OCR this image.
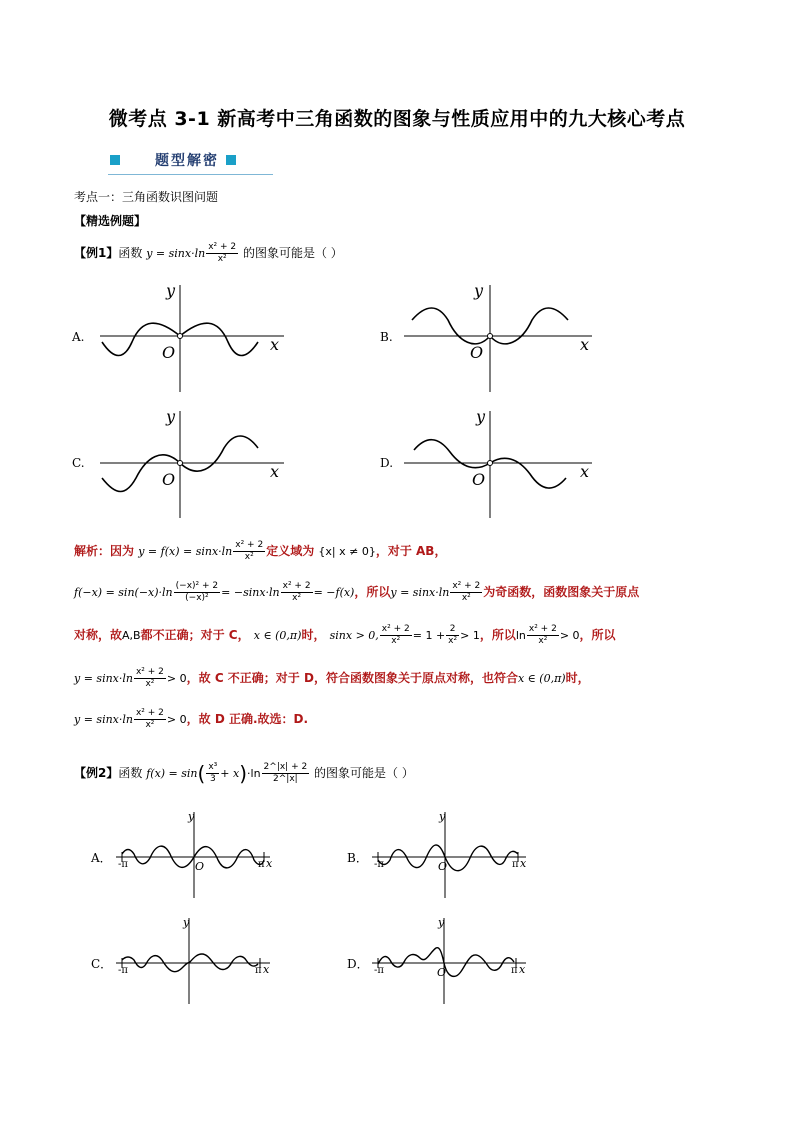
微考点 3-1 新高考中三角函数的图象与性质应用中的九大核心考点
题型解密
考点一：三角函数识图问题
【精选例题】
【例1】函数 $y = \sin x\cdot\ln \frac{\text{x² + 2}}{\text{x²}}$ 的图象可能是（ ）
A.
y
x
O
B.
y
x
O
C.
y
x
O
D.
y
x
O
解析：因为 $y = f(x) = \sin x\cdot\ln \frac{\text{x² + 2}}{\text{x²}}$ 定义域为 {x| x ≠ 0}，对于 AB，
$f(-x) = \sin(-x)\cdot\ln \frac{\text{(−x)² + 2}}{\text{(−x)²}} = -\sin x\cdot\ln \frac{\text{x² + 2}}{\text{x²}} = -f(x)$，所以$y = \sin x\cdot\ln \frac{\text{x² + 2}}{\text{x²}}$ 为奇函数，函数图象关于原点
对称，故A,B都不正确；对于 C， x ∈ (0,π)时， sinx > 0, $\frac{\text{x² + 2}}{\text{x²}} = 1 + \frac{2}{\text{x²}} > 1$，所以$\ln \frac{\text{x² + 2}}{\text{x²}} > 0$，所以
$y = \sin x\cdot\ln \frac{\text{x² + 2}}{\text{x²}} > 0$，故 C 不正确；对于 D，符合函数图象关于原点对称，也符合x ∈ (0,π)时，
$y = \sin x\cdot\ln \frac{\text{x² + 2}}{\text{x²}} > 0$，故 D 正确.故选：D.
【例2】函数 $f(x) = \sin( \frac{\text{x³}}{3} + x)\cdot\ln \frac{2\^{}|x| + 2}{2\^{}|x|}$ 的图象可能是（ ）
A．
y
x
O
-π	π	B．
y
x
O
-π	π
C．
y
x
-π	π	D．
y
x
O
-π	π
